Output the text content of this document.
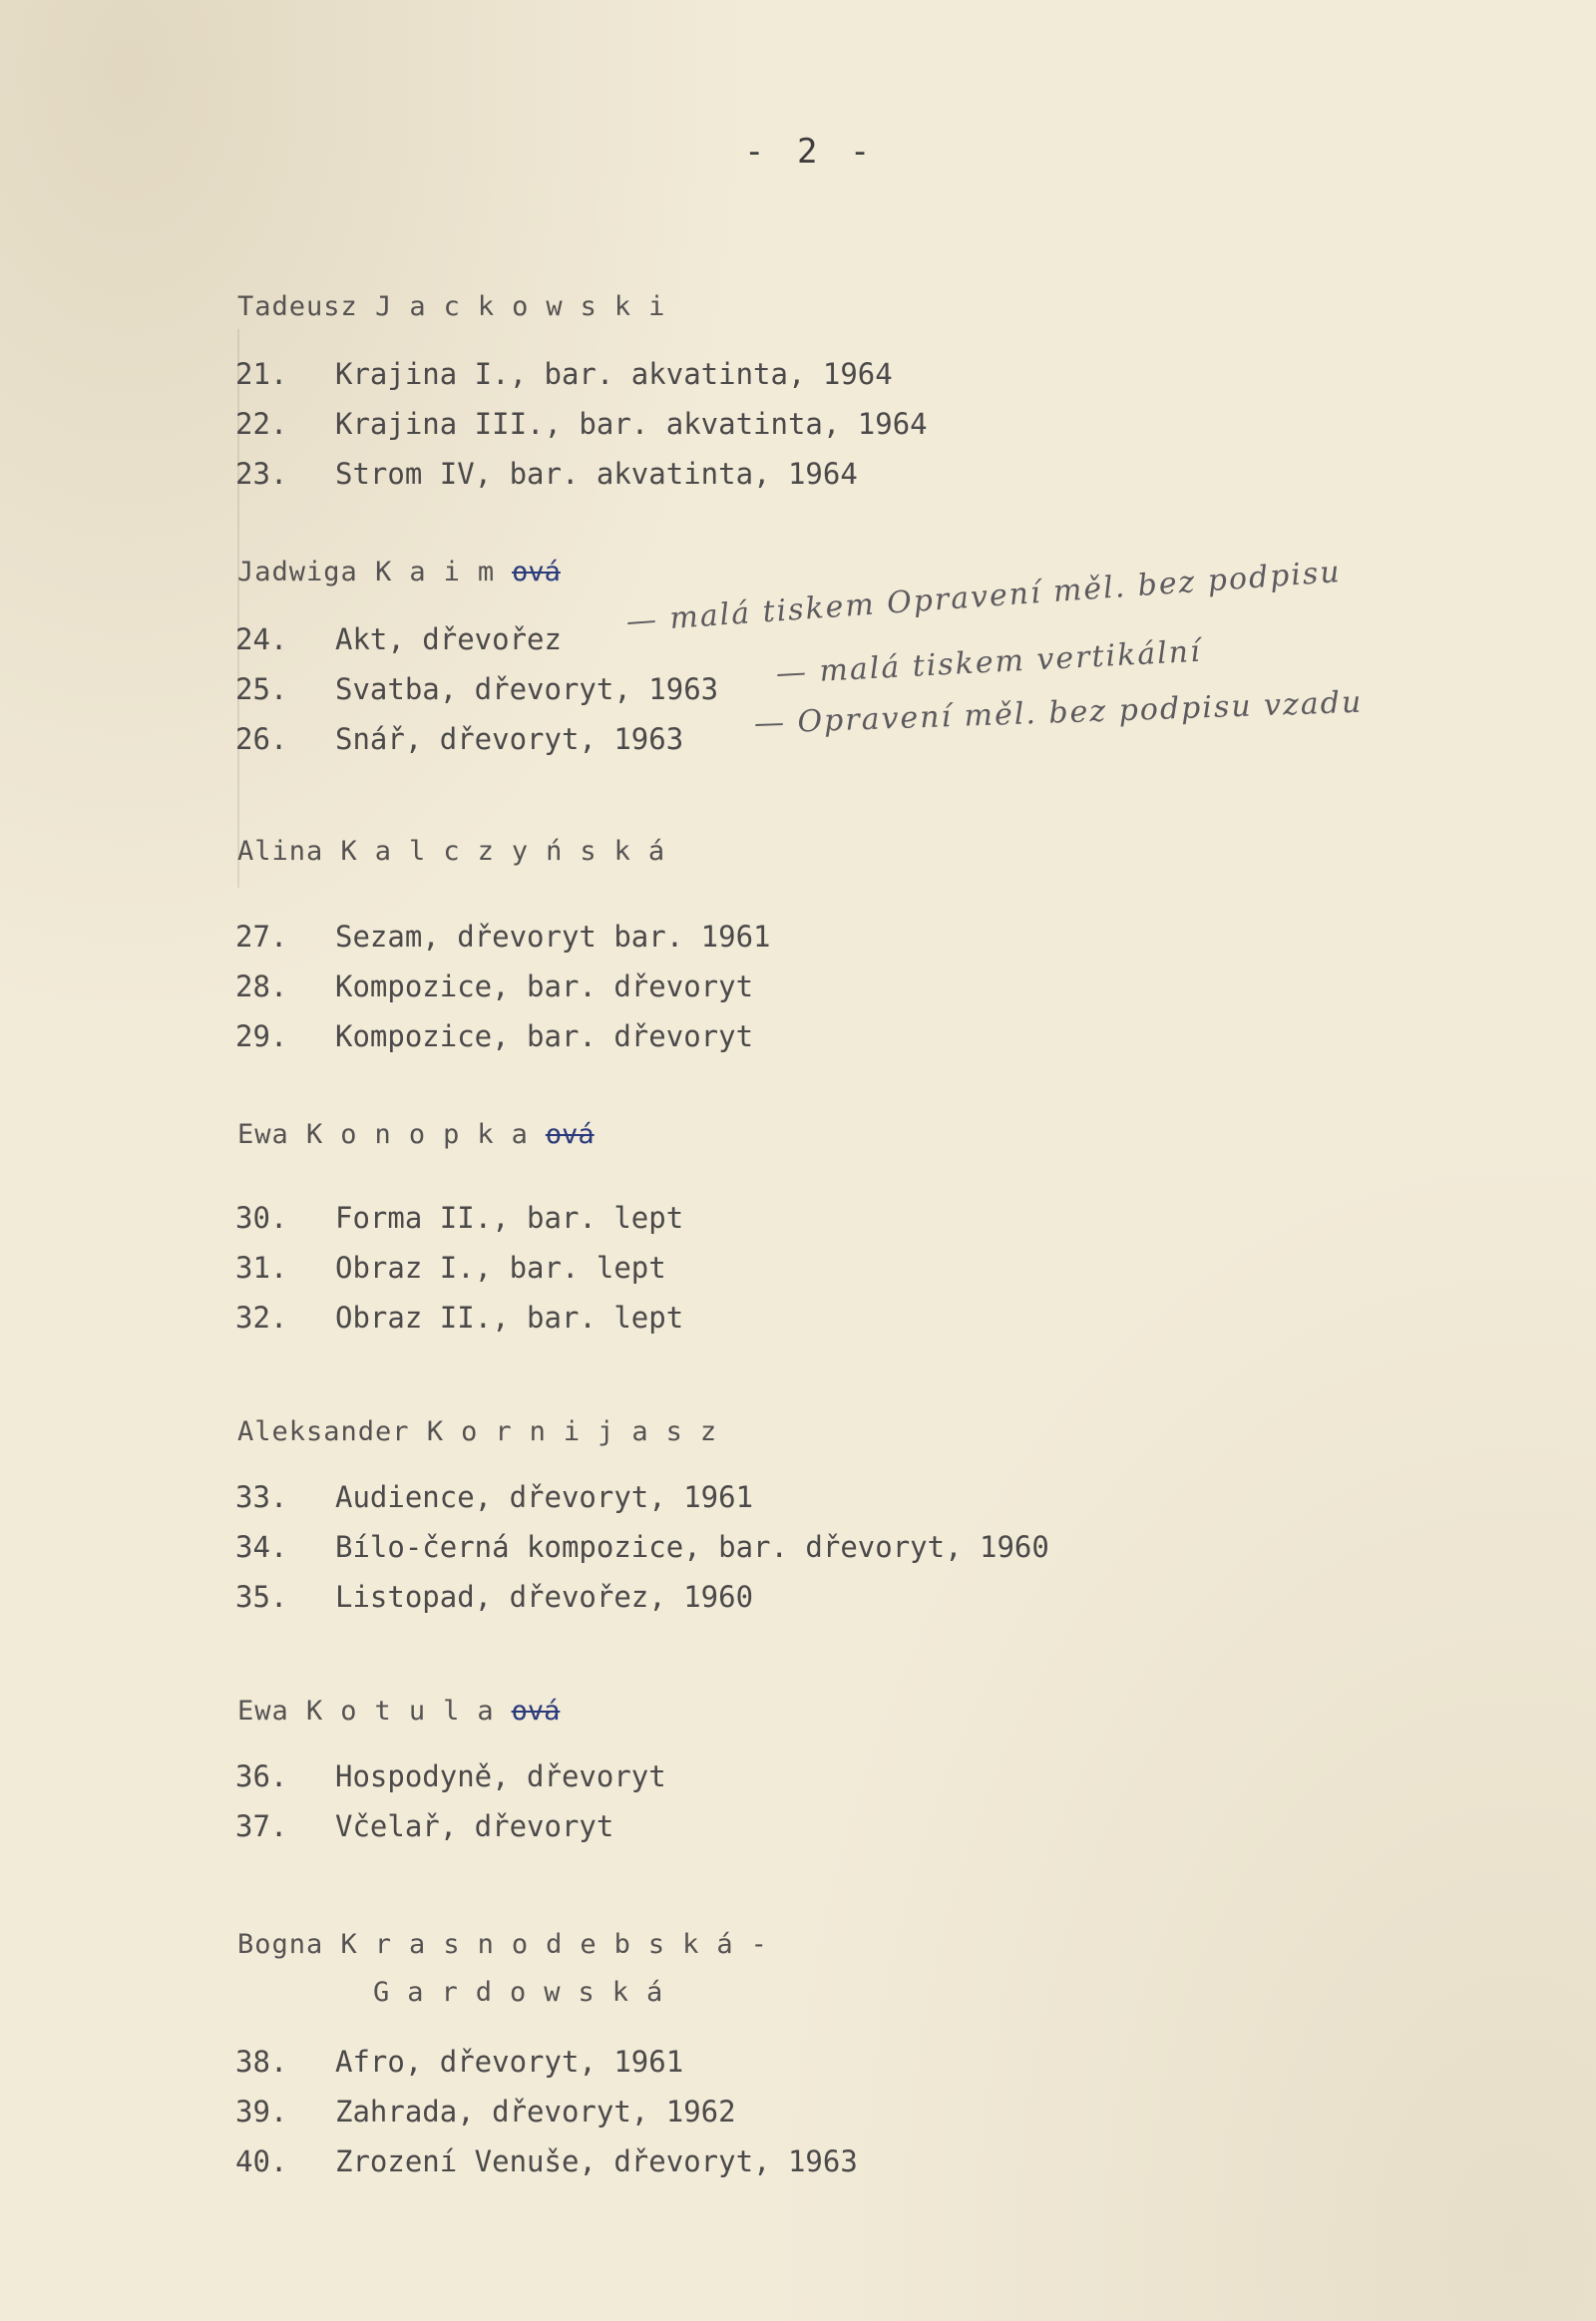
- 2 -
Tadeusz Jackowski
21. Krajina I., bar. akvatinta, 1964
22. Krajina III., bar. akvatinta, 1964
23. Strom IV, bar. akvatinta, 1964
Jadwiga Kaimová
24. Akt, dřevořez
— malá tiskem Opravení měl. bez podpisu
25. Svatba, dřevoryt, 1963 — malá tiskem vertikální
26. Snář, dřevoryt, 1963 — Opravení měl. bez podpisu vzadu
Alina Kalczyńská
27. Sezam, dřevoryt bar. 1961
28. Kompozice, bar. dřevoryt
29. Kompozice, bar. dřevoryt
Ewa Konopkaová
30. Forma II., bar. lept
31. Obraz I., bar. lept
32. Obraz II., bar. lept
Aleksander Kornijasz
33. Audience, dřevoryt, 1961
34. Bílo-černá kompozice, bar. dřevoryt, 1960
35. Listopad, dřevořez, 1960
Ewa Kotulaová
36. Hospodyně, dřevoryt
37. Včelař, dřevoryt
Bogna Krasnodebská-
Gardowská
38. Afro, dřevoryt, 1961
39. Zahrada, dřevoryt, 1962
40. Zrození Venuše, dřevoryt, 1963
